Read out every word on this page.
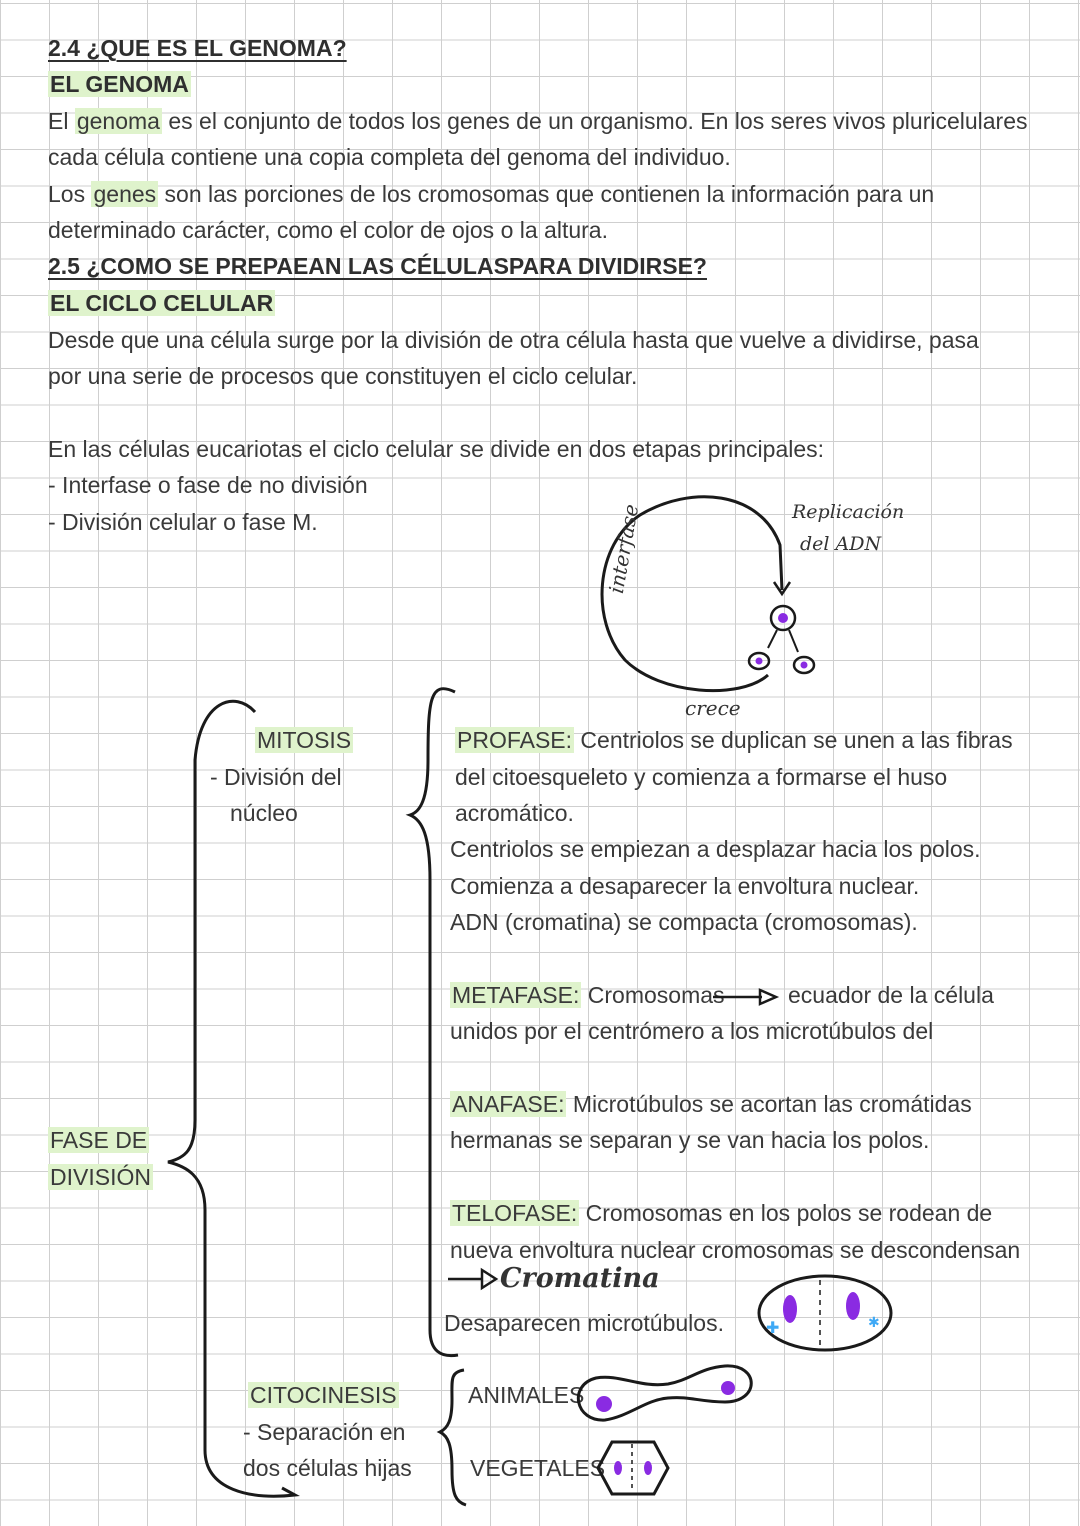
2.4 ¿QUE ES EL GENOMA?
EL GENOMA
El genoma es el conjunto de todos los genes de un organismo. En los seres vivos pluricelulares
cada célula contiene una copia completa del genoma del individuo.
Los genes son las porciones de los cromosomas que contienen la información para un
determinado carácter, como el color de ojos o la altura.
2.5 ¿COMO SE PREPAEAN LAS CÉLULASPARA DIVIDIRSE?
EL CICLO CELULAR
Desde que una célula surge por la división de otra célula hasta que vuelve a dividirse, pasa
por una serie de procesos que constituyen el ciclo celular.
En las células eucariotas el ciclo celular se divide en dos etapas principales:
- Interfase o fase de no división
- División celular o fase M.	interfase	Replicación
del ADN
crece
FASE DE
DIVISIÓN
MITOSIS
- División del
núcleo
PROFASE: Centriolos se duplican se unen a las fibras
del citoesqueleto y comienza a formarse el huso
acromático.
Centriolos se empiezan a desplazar hacia los polos.
Comienza a desaparecer la envoltura nuclear.
ADN (cromatina) se compacta (cromosomas).
METAFASE: Cromosomas	ecuador de la célula
unidos por el centrómero a los microtúbulos del
ANAFASE: Microtúbulos se acortan las cromátidas
hermanas se separan y se van hacia los polos.
TELOFASE: Cromosomas en los polos se rodean de
nueva envoltura nuclear cromosomas se descondensan
Cromatina
Desaparecen microtúbulos.	✚	✱
CITOCINESIS
- Separación en
dos células hijas
ANIMALES
VEGETALES
